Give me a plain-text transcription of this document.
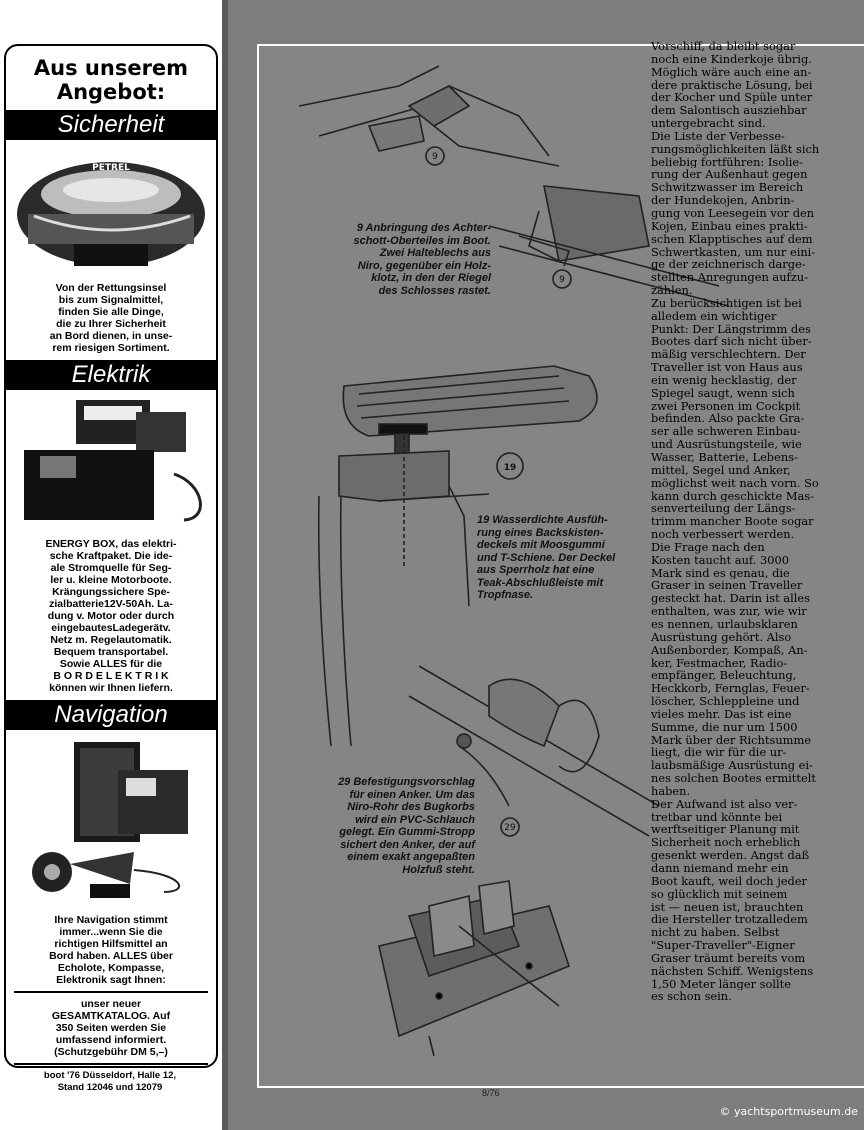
Aus unserem
Angebot:
Sicherheit
PETREL
Von der Rettungsinsel
bis zum Signalmittel,
finden Sie alle Dinge,
die zu Ihrer Sicherheit
an Bord dienen, in unse-
rem riesigen Sortiment.
Elektrik
ENERGY BOX, das elektri-
sche Kraftpaket. Die ide-
ale Stromquelle für Seg-
ler u. kleine Motorboote.
Krängungssichere Spe-
zialbatterie12V-50Ah. La-
dung v. Motor oder durch
eingebautesLadegerätv.
Netz m. Regelautomatik.
Bequem transportabel.
Sowie ALLES für die
B O R D E L E K T R I K
können wir Ihnen liefern.
Navigation
Ihre Navigation stimmt
immer...wenn Sie die
richtigen Hilfsmittel an
Bord haben. ALLES über
Echolote, Kompasse,
Elektronik sagt Ihnen:
unser neuer
GESAMTKATALOG. Auf
350 Seiten werden Sie
umfassend informiert.
(Schutzgebühr DM 5,–)
boot '76 Düsseldorf, Halle 12,
Stand 12046 und 12079
9
9
19
29
9 Anbringung des Achter-
schott-Oberteiles im Boot.
Zwei Halteblechs aus
Niro, gegenüber ein Holz-
klotz, in den der Riegel
des Schlosses rastet.
19 Wasserdichte Ausfüh-
rung eines Backskisten-
deckels mit Moosgummi
und T-Schiene. Der Deckel
aus Sperrholz hat eine
Teak-Abschlußleiste mit
Tropfnase.
29 Befestigungsvorschlag
für einen Anker. Um das
Niro-Rohr des Bugkorbs
wird ein PVC-Schlauch
gelegt. Ein Gummi-Stropp
sichert den Anker, der auf
einem exakt angepaßten
Holzfuß steht.
8/76
Vorschiff, da bleibt sogar
noch eine Kinderkoje übrig.
Möglich wäre auch eine an-
dere praktische Lösung, bei
der Kocher und Spüle unter
dem Salontisch ausziehbar
untergebracht sind.
Die Liste der Verbesse-
rungsmöglichkeiten läßt sich
beliebig fortführen: Isolie-
rung der Außenhaut gegen
Schwitzwasser im Bereich
der Hundekojen, Anbrin-
gung von Leesegein vor den
Kojen, Einbau eines prakti-
schen Klapptisches auf dem
Schwertkasten, um nur eini-
ge der zeichnerisch darge-
stellten Anregungen aufzu-
zählen.
Zu berücksichtigen ist bei
alledem ein wichtiger
Punkt: Der Längstrimm des
Bootes darf sich nicht über-
mäßig verschlechtern. Der
Traveller ist von Haus aus
ein wenig hecklastig, der
Spiegel saugt, wenn sich
zwei Personen im Cockpit
befinden. Also packte Gra-
ser alle schweren Einbau-
und Ausrüstungsteile, wie
Wasser, Batterie, Lebens-
mittel, Segel und Anker,
möglichst weit nach vorn. So
kann durch geschickte Mas-
senverteilung der Längs-
trimm mancher Boote sogar
noch verbessert werden.
Die Frage nach den
Kosten taucht auf. 3000
Mark sind es genau, die
Graser in seinen Traveller
gesteckt hat. Darin ist alles
enthalten, was zur, wie wir
es nennen, urlaubsklaren
Ausrüstung gehört. Also
Außenborder, Kompaß, An-
ker, Festmacher, Radio-
empfänger, Beleuchtung,
Heckkorb, Fernglas, Feuer-
löscher, Schleppleine und
vieles mehr. Das ist eine
Summe, die nur um 1500
Mark über der Richtsumme
liegt, die wir für die ur-
laubsmäßige Ausrüstung ei-
nes solchen Bootes ermittelt
haben.
Der Aufwand ist also ver-
tretbar und könnte bei
werftseitiger Planung mit
Sicherheit noch erheblich
gesenkt werden. Angst daß
dann niemand mehr ein
Boot kauft, weil doch jeder
so glücklich mit seinem
ist — neuen ist, brauchten
die Hersteller trotzalledem
nicht zu haben. Selbst
"Super-Traveller"-Eigner
Graser träumt bereits vom
nächsten Schiff. Wenigstens
1,50 Meter länger sollte
es schon sein.
© yachtsportmuseum.de
